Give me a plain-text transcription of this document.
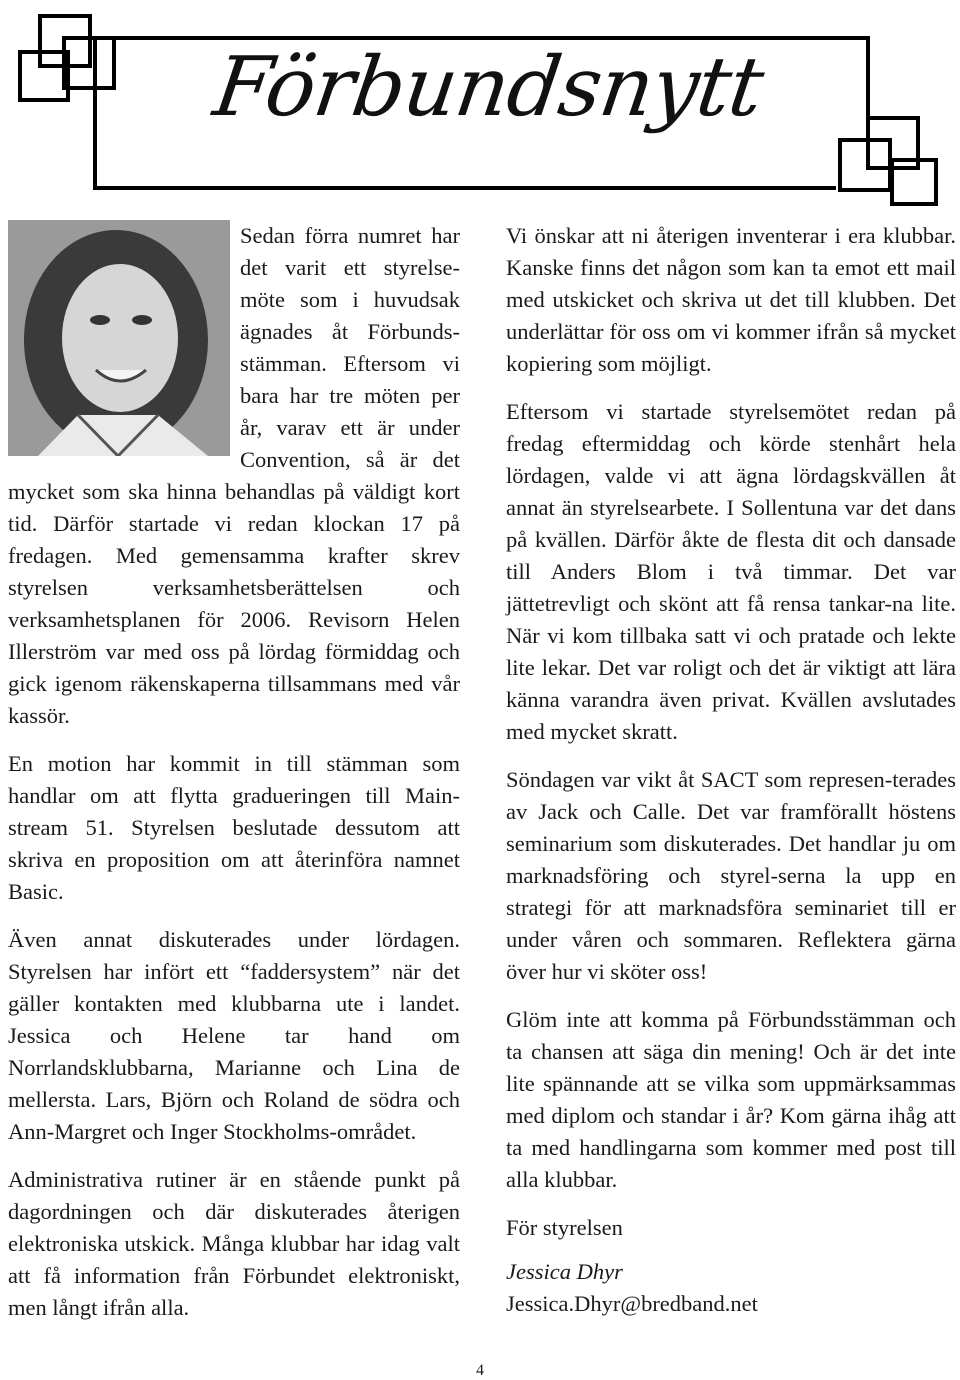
Förbundsnytt

Sedan förra numret har det varit ett styrelse-möte som i huvudsak ägnades åt Förbunds-stämman. Eftersom vi bara har tre möten per år, varav ett är under Convention, så är det mycket som ska hinna behandlas på väldigt kort tid. Därför startade vi redan klockan 17 på fredagen. Med gemensamma krafter skrev styrelsen verksamhetsberättelsen och verksamhetsplanen för 2006. Revisorn Helen Illerström var med oss på lördag förmiddag och gick igenom räkenskaperna tillsammans med vår kassör.

En motion har kommit in till stämman som handlar om att flytta gradueringen till Main-stream 51. Styrelsen beslutade dessutom att skriva en proposition om att återinföra namnet Basic.

Även annat diskuterades under lördagen. Styrelsen har infört ett “faddersystem” när det gäller kontakten med klubbarna ute i landet. Jessica och Helene tar hand om Norrlandsklubbarna, Marianne och Lina de mellersta. Lars, Björn och Roland de södra och Ann-Margret och Inger Stockholms-området.

Administrativa rutiner är en stående punkt på dagordningen och där diskuterades återigen elektroniska utskick. Många klubbar har idag valt att få information från Förbundet elektroniskt, men långt ifrån alla.

Vi önskar att ni återigen inventerar i era klubbar. Kanske finns det någon som kan ta emot ett mail med utskicket och skriva ut det till klubben. Det underlättar för oss om vi kommer ifrån så mycket kopiering som möjligt.

Eftersom vi startade styrelsemötet redan på fredag eftermiddag och körde stenhårt hela lördagen, valde vi att ägna lördagskvällen åt annat än styrelsearbete. I Sollentuna var det dans på kvällen. Därför åkte de flesta dit och dansade till Anders Blom i två timmar. Det var jättetrevligt och skönt att få rensa tankar-na lite. När vi kom tillbaka satt vi och pratade och lekte lite lekar. Det var roligt och det är viktigt att lära känna varandra även privat. Kvällen avslutades med mycket skratt.

Söndagen var vikt åt SACT som represen-terades av Jack och Calle. Det var framförallt höstens seminarium som diskuterades. Det handlar ju om marknadsföring och styrel-serna la upp en strategi för att marknadsföra seminariet till er under våren och sommaren. Reflektera gärna över hur vi sköter oss!

Glöm inte att komma på Förbundsstämman och ta chansen att säga din mening! Och är det inte lite spännande att se vilka som uppmärksammas med diplom och standar i år? Kom gärna ihåg att ta med handlingarna som kommer med post till alla klubbar.

För styrelsen

Jessica Dhyr
Jessica.Dhyr@bredband.net
4
